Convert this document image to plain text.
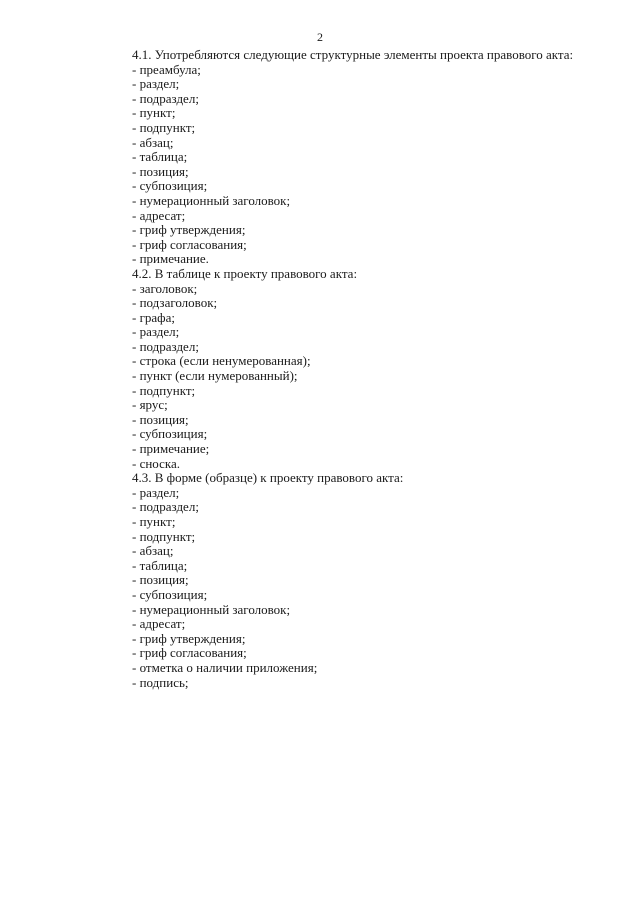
2

4.1. Употребляются следующие структурные элементы проекта правового акта:

- преамбула;

- раздел;

- подраздел;

- пункт;

- подпункт;

- абзац;

- таблица;

- позиция;

- субпозиция;

- нумерационный заголовок;

- адресат;

- гриф утверждения;

- гриф согласования;

- примечание.

4.2. В таблице к проекту правового акта:

- заголовок;

- подзаголовок;

- графа;

- раздел;

- подраздел;

- строка (если ненумерованная);

- пункт (если нумерованный);

- подпункт;

- ярус;

- позиция;

- субпозиция;

- примечание;

- сноска.

4.3. В форме (образце) к проекту правового акта:

- раздел;

- подраздел;

- пункт;

- подпункт;

- абзац;

- таблица;

- позиция;

- субпозиция;

- нумерационный заголовок;

- адресат;

- гриф утверждения;

- гриф согласования;

- отметка о наличии приложения;

- подпись;
